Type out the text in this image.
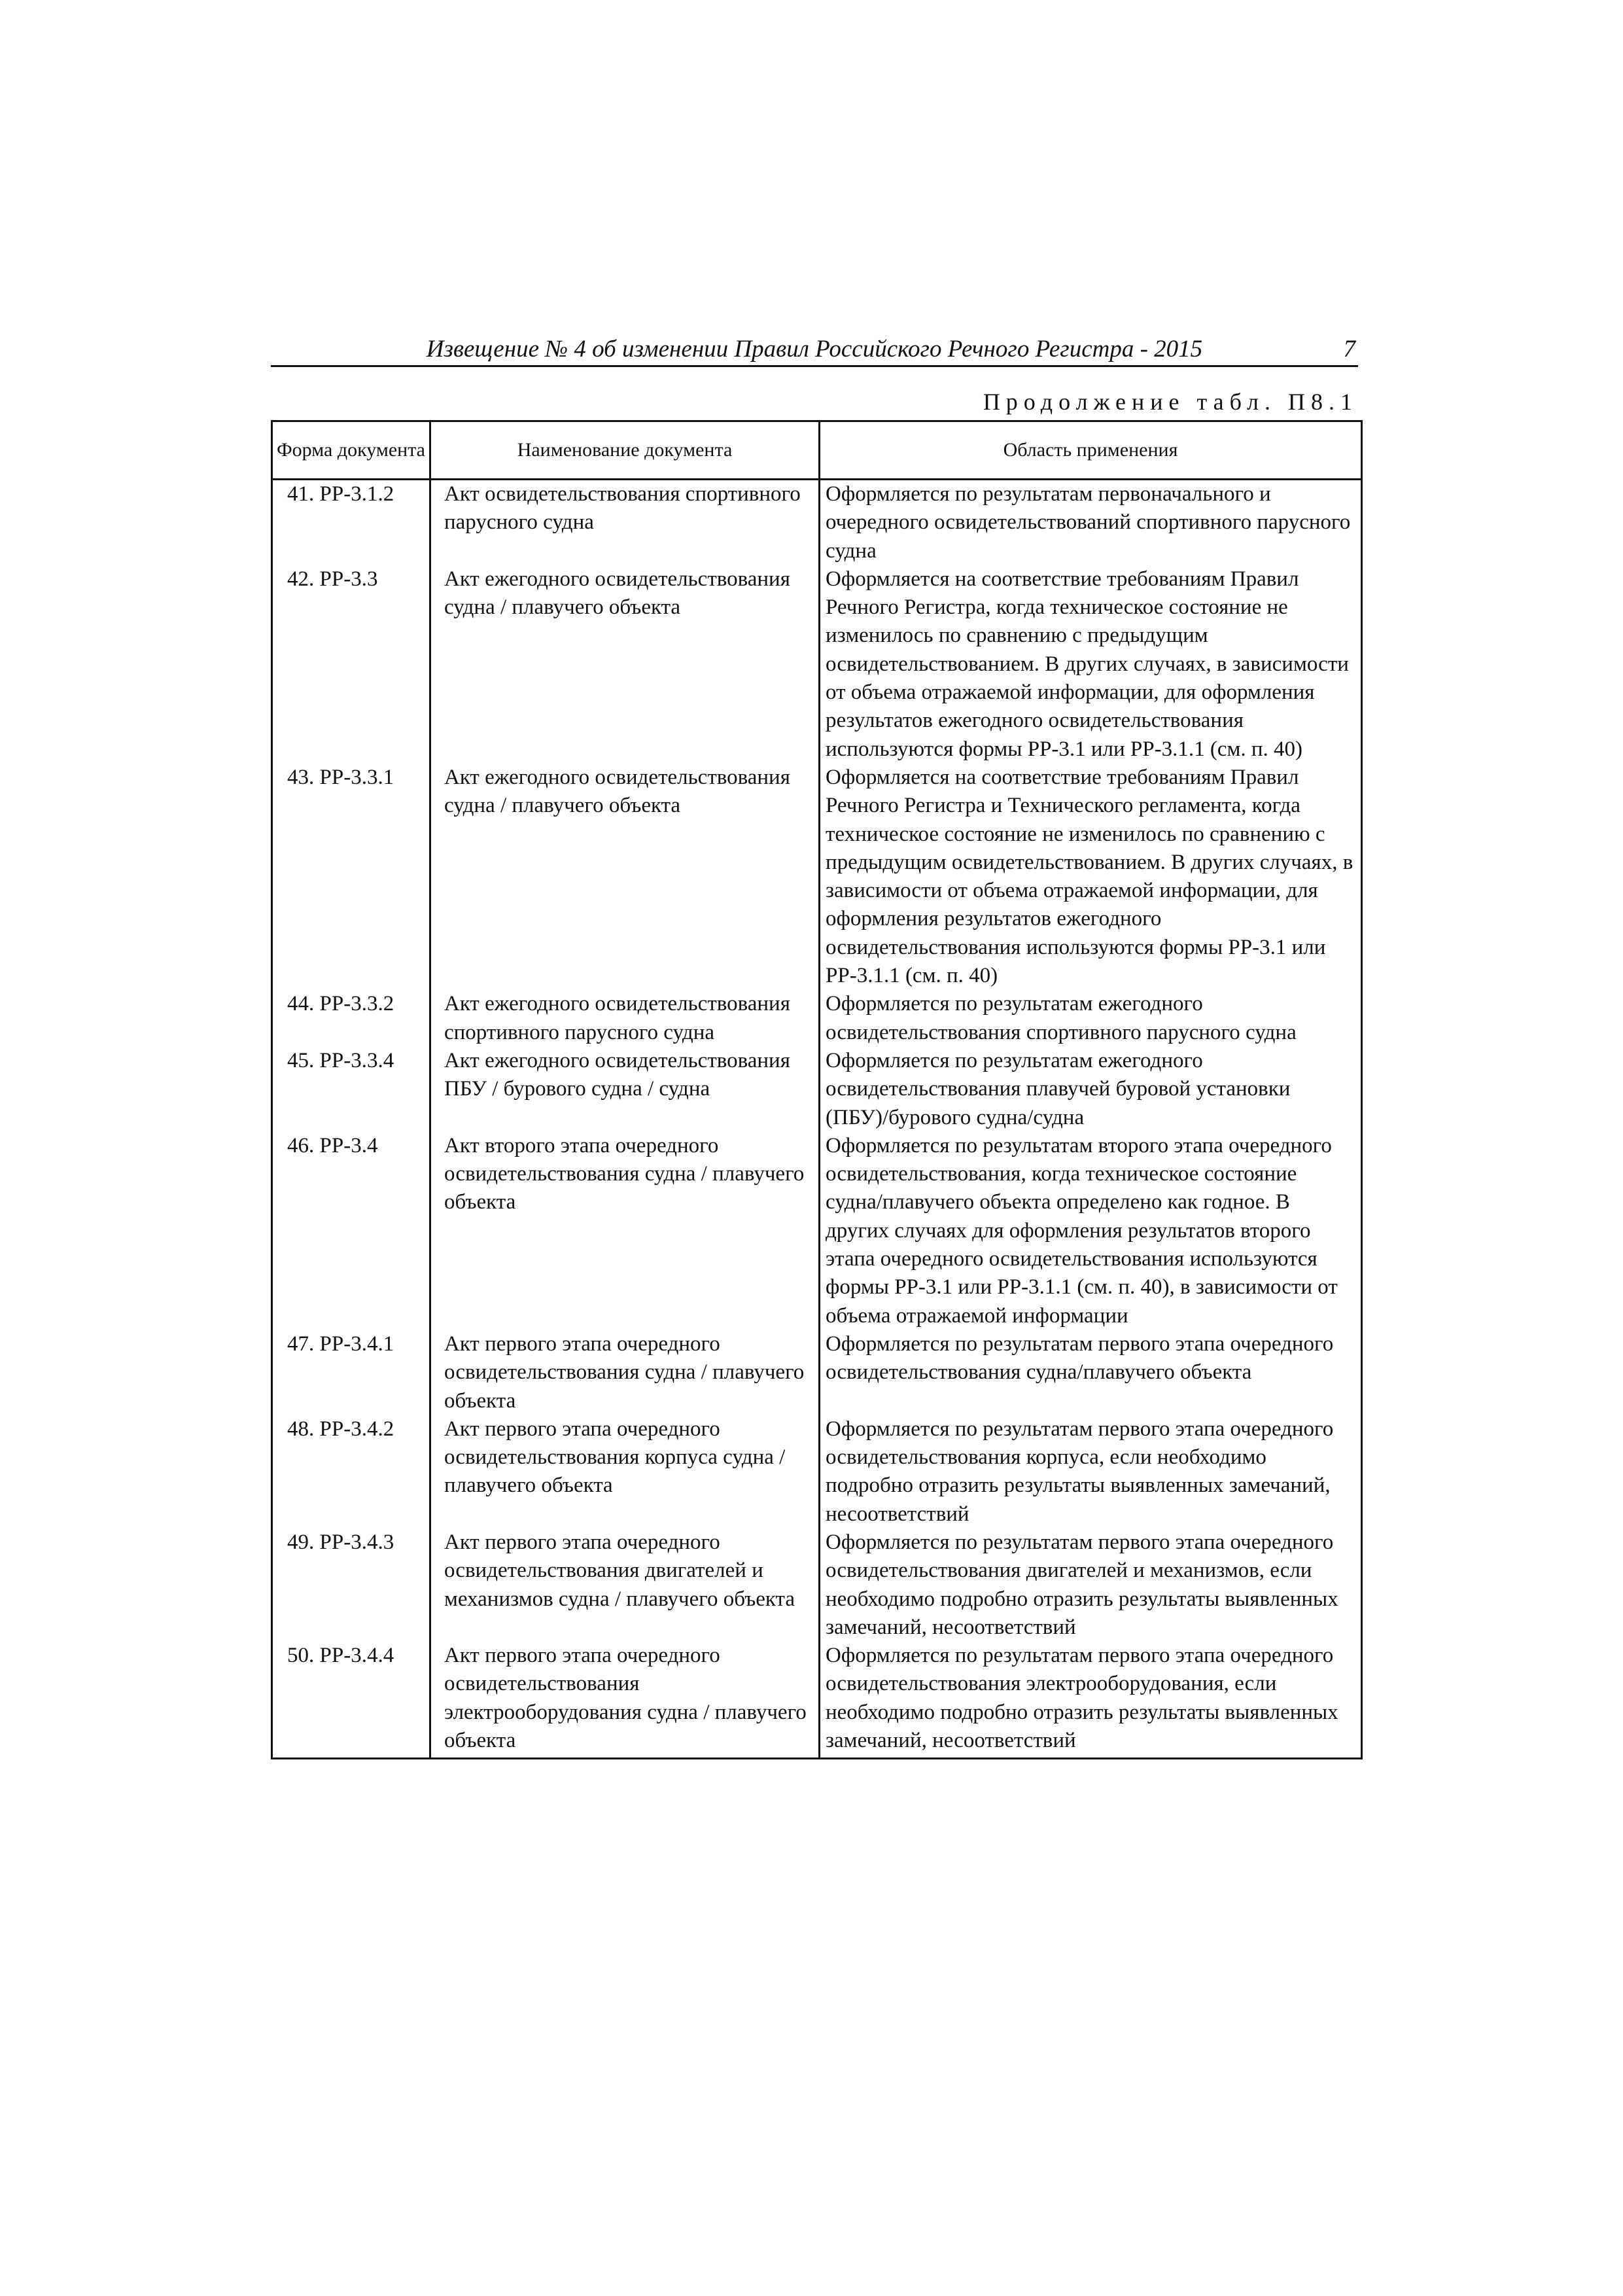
Извещение № 4 об изменении Правил Российского Речного Регистра - 2015	7
Продолжение табл. П8.1
Форма документа	Наименование документа	Область применения
41. РР-3.1.2	Акт освидетельствования спортивного парусного судна	Оформляется по результатам первоначального и очередного освидетельствований спортивного парусного судна
42. РР-3.3	Акт ежегодного освидетельствования судна / плавучего объекта	Оформляется на соответствие требованиям Правил Речного Регистра, когда техническое состояние не изменилось по сравнению с предыдущим освидетельствованием. В других случаях, в зависимости от объема отражаемой информации, для оформления результатов ежегодного освидетельствования используются формы РР-3.1 или РР-3.1.1 (см. п. 40)
43. РР-3.3.1	Акт ежегодного освидетельствования судна / плавучего объекта	Оформляется на соответствие требованиям Правил Речного Регистра и Технического регламента, когда техническое состояние не изменилось по сравнению с предыдущим освидетельствованием. В других случаях, в зависимости от объема отражаемой информации, для оформления результатов ежегодного освидетельствования используются формы РР-3.1 или РР-3.1.1 (см. п. 40)
44. РР-3.3.2	Акт ежегодного освидетельствования спортивного парусного судна	Оформляется по результатам ежегодного освидетельствования спортивного парусного судна
45. РР-3.3.4	Акт ежегодного освидетельствования ПБУ / бурового судна / судна	Оформляется по результатам ежегодного освидетельствования плавучей буровой установки (ПБУ)/бурового судна/судна
46. РР-3.4	Акт второго этапа очередного освидетельствования судна / плавучего объекта	Оформляется по результатам второго этапа очередного освидетельствования, когда техническое состояние судна/плавучего объекта определено как годное. В других случаях для оформления результатов второго этапа очередного освидетельствования используются формы РР-3.1 или РР-3.1.1 (см. п. 40), в зависимости от объема отражаемой информации
47. РР-3.4.1	Акт первого этапа очередного освидетельствования судна / плавучего объекта	Оформляется по результатам первого этапа очередного освидетельствования судна/плавучего объекта
48. РР-3.4.2	Акт первого этапа очередного освидетельствования корпуса судна / плавучего объекта	Оформляется по результатам первого этапа очередного освидетельствования корпуса, если необходимо подробно отразить результаты выявленных замечаний, несоответствий
49. РР-3.4.3	Акт первого этапа очередного освидетельствования двигателей и механизмов судна / плавучего объекта	Оформляется по результатам первого этапа очередного освидетельствования двигателей и механизмов, если необходимо подробно отразить результаты выявленных замечаний, несоответствий
50. РР-3.4.4	Акт первого этапа очередного освидетельствования электрооборудования судна / плавучего объекта	Оформляется по результатам первого этапа очередного освидетельствования электрооборудования, если необходимо подробно отразить результаты выявленных замечаний, несоответствий
